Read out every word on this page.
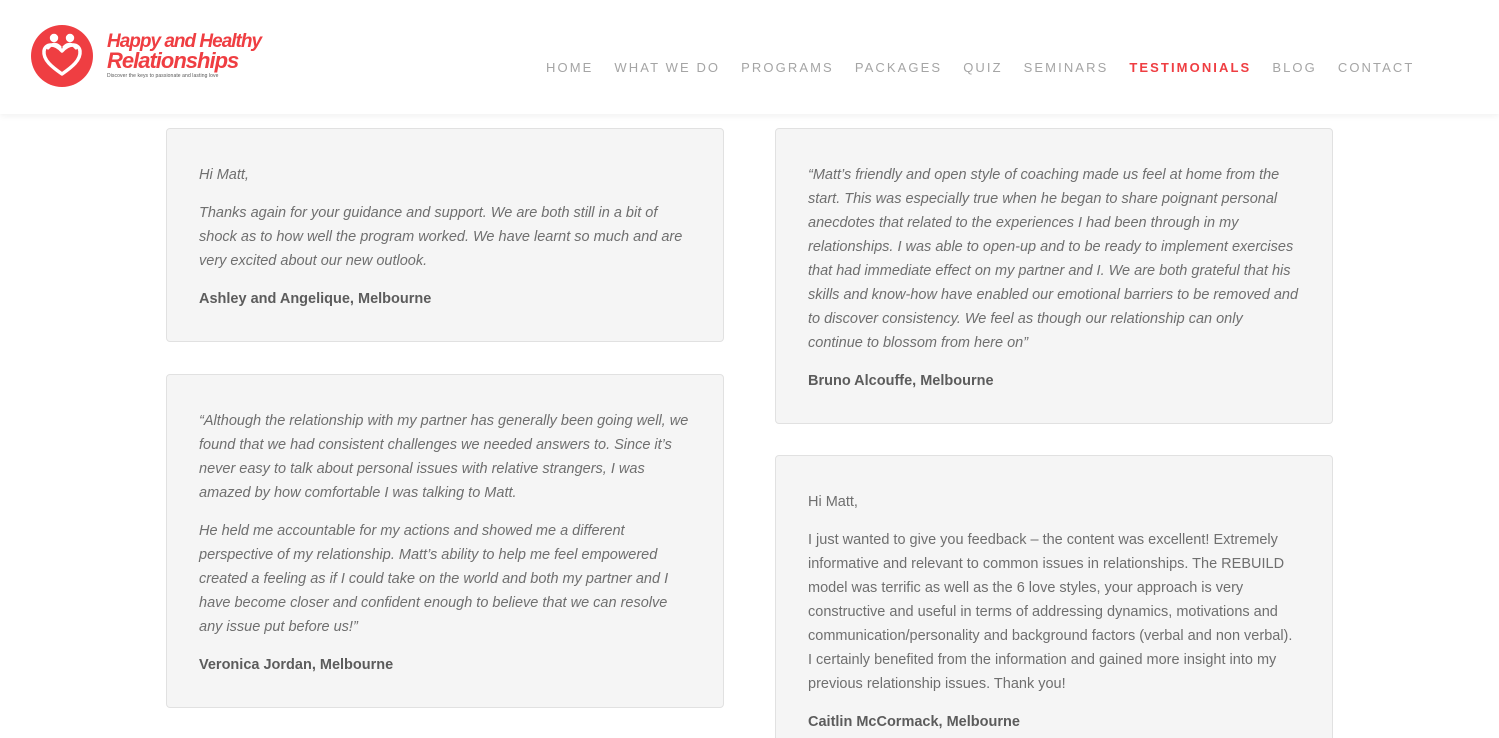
Happy and Healthy
Relationships
Discover the keys to passionate and lasting love
HOME WHAT WE DO PROGRAMS PACKAGES QUIZ SEMINARS TESTIMONIALS BLOG CONTACT

Hi Matt,

Thanks again for your guidance and support. We are both still in a bit of shock as to how well the program worked. We have learnt so much and are very excited about our new outlook.

Ashley and Angelique, Melbourne

“Although the relationship with my partner has generally been going well, we found that we had consistent challenges we needed answers to. Since it’s never easy to talk about personal issues with relative strangers, I was amazed by how comfortable I was talking to Matt.

He held me accountable for my actions and showed me a different perspective of my relationship. Matt’s ability to help me feel empowered created a feeling as if I could take on the world and both my partner and I have become closer and confident enough to believe that we can resolve any issue put before us!”

Veronica Jordan, Melbourne

“Matt’s friendly and open style of coaching made us feel at home from the start. This was especially true when he began to share poignant personal anecdotes that related to the experiences I had been through in my relationships. I was able to open-up and to be ready to implement exercises that had immediate effect on my partner and I. We are both grateful that his skills and know-how have enabled our emotional barriers to be removed and to discover consistency. We feel as though our relationship can only continue to blossom from here on”

Bruno Alcouffe, Melbourne

Hi Matt,

I just wanted to give you feedback – the content was excellent! Extremely informative and relevant to common issues in relationships. The REBUILD model was terrific as well as the 6 love styles, your approach is very constructive and useful in terms of addressing dynamics, motivations and communication/personality and background factors (verbal and non verbal). I certainly benefited from the information and gained more insight into my previous relationship issues. Thank you!

Caitlin McCormack, Melbourne
